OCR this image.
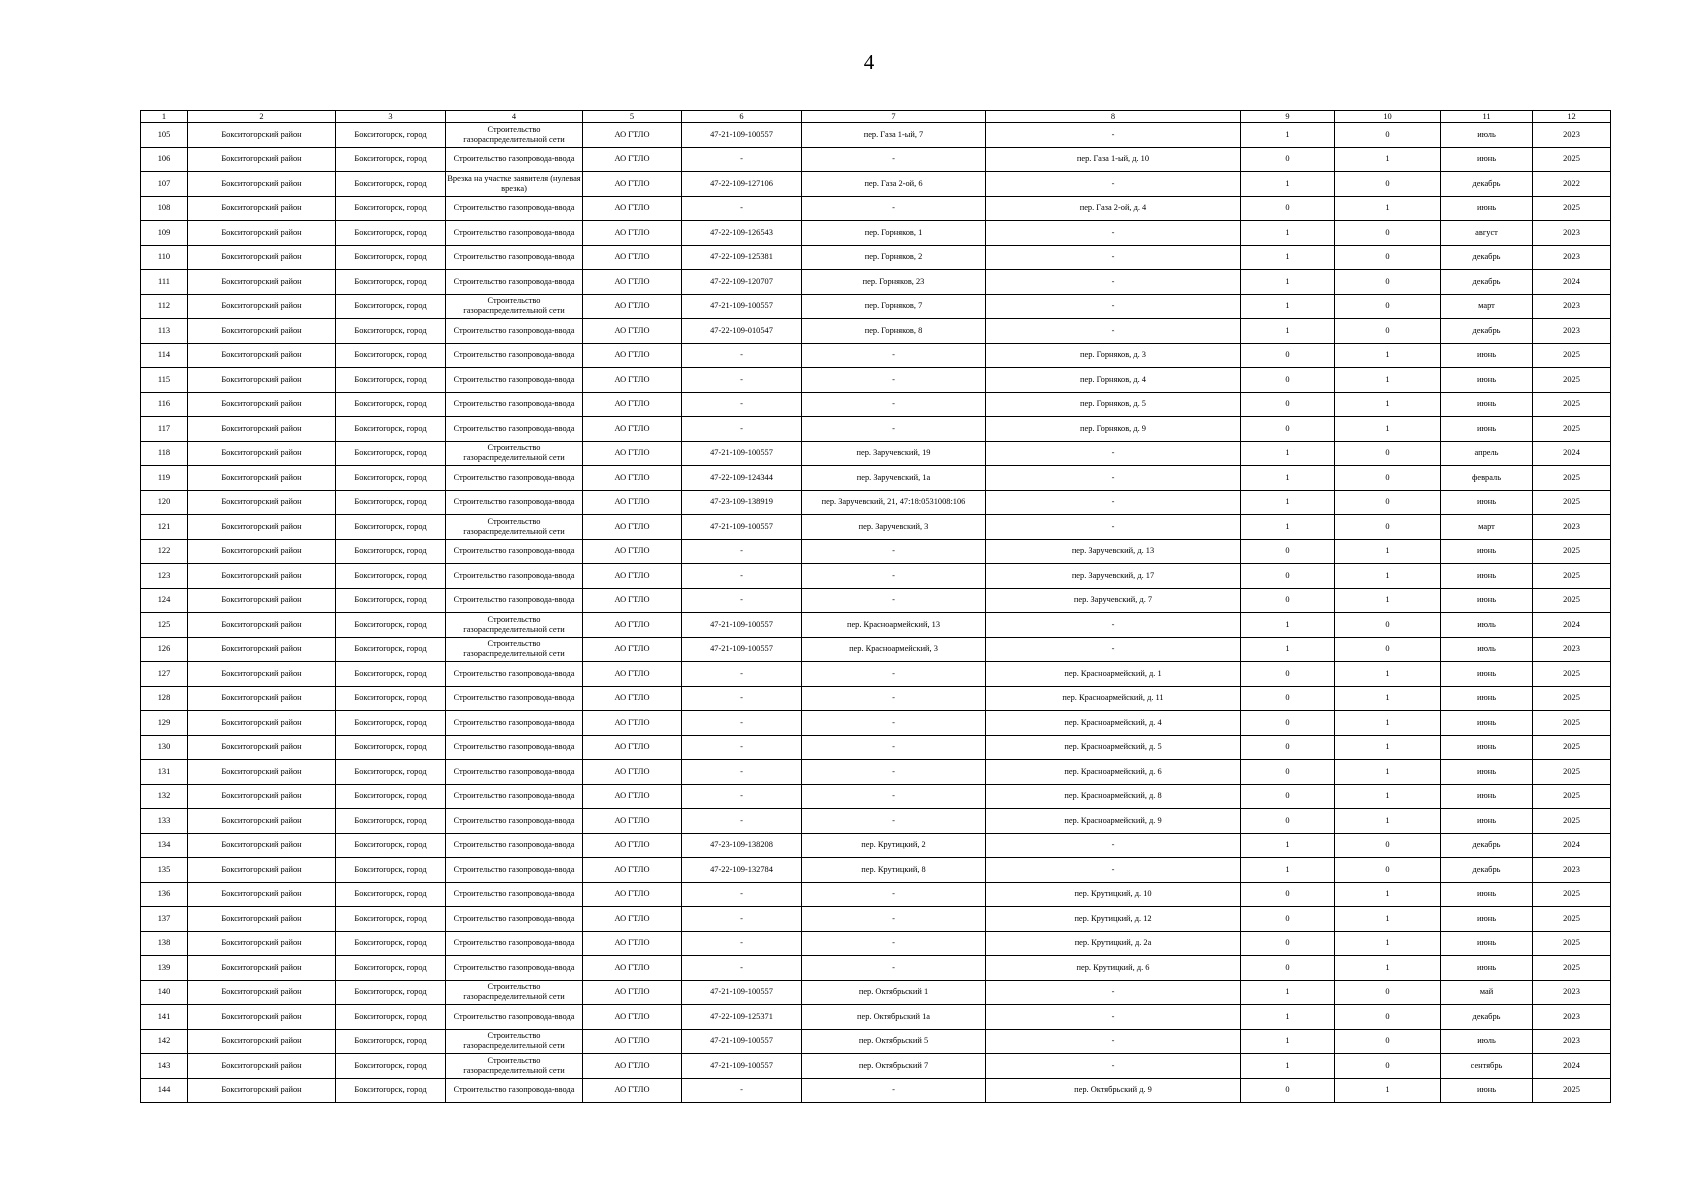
4
1	2	3	4	5	6	7	8	9	10	11	12
105	Бокситогорский район	Бокситогорск, город	Строительство газораспределительной сети	АО ГТЛО	47-21-109-100557	пер. Газа 1-ый, 7	-	1	0	июль	2023
106	Бокситогорский район	Бокситогорск, город	Строительство газопровода-ввода	АО ГТЛО	-	-	пер. Газа 1-ый, д. 10	0	1	июнь	2025
107	Бокситогорский район	Бокситогорск, город	Врезка на участке заявителя (нулевая врезка)	АО ГТЛО	47-22-109-127106	пер. Газа 2-ой, 6	-	1	0	декабрь	2022
108	Бокситогорский район	Бокситогорск, город	Строительство газопровода-ввода	АО ГТЛО	-	-	пер. Газа 2-ой, д. 4	0	1	июнь	2025
109	Бокситогорский район	Бокситогорск, город	Строительство газопровода-ввода	АО ГТЛО	47-22-109-126543	пер. Горняков, 1	-	1	0	август	2023
110	Бокситогорский район	Бокситогорск, город	Строительство газопровода-ввода	АО ГТЛО	47-22-109-125381	пер. Горняков, 2	-	1	0	декабрь	2023
111	Бокситогорский район	Бокситогорск, город	Строительство газопровода-ввода	АО ГТЛО	47-22-109-120707	пер. Горняков, 23	-	1	0	декабрь	2024
112	Бокситогорский район	Бокситогорск, город	Строительство газораспределительной сети	АО ГТЛО	47-21-109-100557	пер. Горняков, 7	-	1	0	март	2023
113	Бокситогорский район	Бокситогорск, город	Строительство газопровода-ввода	АО ГТЛО	47-22-109-010547	пер. Горняков, 8	-	1	0	декабрь	2023
114	Бокситогорский район	Бокситогорск, город	Строительство газопровода-ввода	АО ГТЛО	-	-	пер. Горняков, д. 3	0	1	июнь	2025
115	Бокситогорский район	Бокситогорск, город	Строительство газопровода-ввода	АО ГТЛО	-	-	пер. Горняков, д. 4	0	1	июнь	2025
116	Бокситогорский район	Бокситогорск, город	Строительство газопровода-ввода	АО ГТЛО	-	-	пер. Горняков, д. 5	0	1	июнь	2025
117	Бокситогорский район	Бокситогорск, город	Строительство газопровода-ввода	АО ГТЛО	-	-	пер. Горняков, д. 9	0	1	июнь	2025
118	Бокситогорский район	Бокситогорск, город	Строительство газораспределительной сети	АО ГТЛО	47-21-109-100557	пер. Заручевский, 19	-	1	0	апрель	2024
119	Бокситогорский район	Бокситогорск, город	Строительство газопровода-ввода	АО ГТЛО	47-22-109-124344	пер. Заручевский, 1а	-	1	0	февраль	2025
120	Бокситогорский район	Бокситогорск, город	Строительство газопровода-ввода	АО ГТЛО	47-23-109-138919	пер. Заручевский, 21, 47:18:0531008:106	-	1	0	июнь	2025
121	Бокситогорский район	Бокситогорск, город	Строительство газораспределительной сети	АО ГТЛО	47-21-109-100557	пер. Заручевский, 3	-	1	0	март	2023
122	Бокситогорский район	Бокситогорск, город	Строительство газопровода-ввода	АО ГТЛО	-	-	пер. Заручевский, д. 13	0	1	июнь	2025
123	Бокситогорский район	Бокситогорск, город	Строительство газопровода-ввода	АО ГТЛО	-	-	пер. Заручевский, д. 17	0	1	июнь	2025
124	Бокситогорский район	Бокситогорск, город	Строительство газопровода-ввода	АО ГТЛО	-	-	пер. Заручевский, д. 7	0	1	июнь	2025
125	Бокситогорский район	Бокситогорск, город	Строительство газораспределительной сети	АО ГТЛО	47-21-109-100557	пер. Красноармейский, 13	-	1	0	июль	2024
126	Бокситогорский район	Бокситогорск, город	Строительство газораспределительной сети	АО ГТЛО	47-21-109-100557	пер. Красноармейский, 3	-	1	0	июль	2023
127	Бокситогорский район	Бокситогорск, город	Строительство газопровода-ввода	АО ГТЛО	-	-	пер. Красноармейский, д. 1	0	1	июнь	2025
128	Бокситогорский район	Бокситогорск, город	Строительство газопровода-ввода	АО ГТЛО	-	-	пер. Красноармейский, д. 11	0	1	июнь	2025
129	Бокситогорский район	Бокситогорск, город	Строительство газопровода-ввода	АО ГТЛО	-	-	пер. Красноармейский, д. 4	0	1	июнь	2025
130	Бокситогорский район	Бокситогорск, город	Строительство газопровода-ввода	АО ГТЛО	-	-	пер. Красноармейский, д. 5	0	1	июнь	2025
131	Бокситогорский район	Бокситогорск, город	Строительство газопровода-ввода	АО ГТЛО	-	-	пер. Красноармейский, д. 6	0	1	июнь	2025
132	Бокситогорский район	Бокситогорск, город	Строительство газопровода-ввода	АО ГТЛО	-	-	пер. Красноармейский, д. 8	0	1	июнь	2025
133	Бокситогорский район	Бокситогорск, город	Строительство газопровода-ввода	АО ГТЛО	-	-	пер. Красноармейский, д. 9	0	1	июнь	2025
134	Бокситогорский район	Бокситогорск, город	Строительство газопровода-ввода	АО ГТЛО	47-23-109-138208	пер. Крутицкий, 2	-	1	0	декабрь	2024
135	Бокситогорский район	Бокситогорск, город	Строительство газопровода-ввода	АО ГТЛО	47-22-109-132784	пер. Крутицкий, 8	-	1	0	декабрь	2023
136	Бокситогорский район	Бокситогорск, город	Строительство газопровода-ввода	АО ГТЛО	-	-	пер. Крутицкий, д. 10	0	1	июнь	2025
137	Бокситогорский район	Бокситогорск, город	Строительство газопровода-ввода	АО ГТЛО	-	-	пер. Крутицкий, д. 12	0	1	июнь	2025
138	Бокситогорский район	Бокситогорск, город	Строительство газопровода-ввода	АО ГТЛО	-	-	пер. Крутицкий, д. 2а	0	1	июнь	2025
139	Бокситогорский район	Бокситогорск, город	Строительство газопровода-ввода	АО ГТЛО	-	-	пер. Крутицкий, д. 6	0	1	июнь	2025
140	Бокситогорский район	Бокситогорск, город	Строительство газораспределительной сети	АО ГТЛО	47-21-109-100557	пер. Октябрьский 1	-	1	0	май	2023
141	Бокситогорский район	Бокситогорск, город	Строительство газопровода-ввода	АО ГТЛО	47-22-109-125371	пер. Октябрьский 1а	-	1	0	декабрь	2023
142	Бокситогорский район	Бокситогорск, город	Строительство газораспределительной сети	АО ГТЛО	47-21-109-100557	пер. Октябрьский 5	-	1	0	июль	2023
143	Бокситогорский район	Бокситогорск, город	Строительство газораспределительной сети	АО ГТЛО	47-21-109-100557	пер. Октябрьский 7	-	1	0	сентябрь	2024
144	Бокситогорский район	Бокситогорск, город	Строительство газопровода-ввода	АО ГТЛО	-	-	пер. Октябрьский д. 9	0	1	июнь	2025
